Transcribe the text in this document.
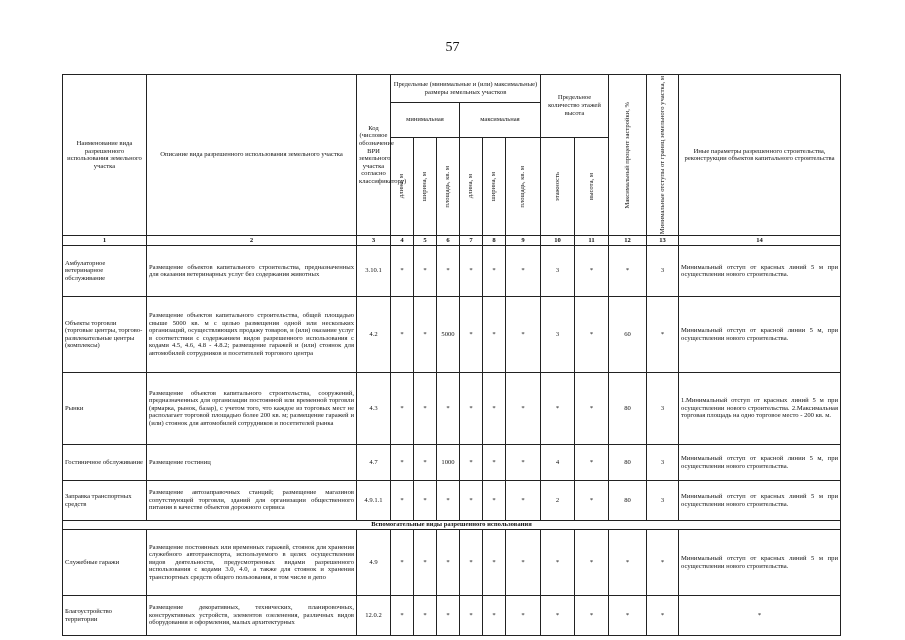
57
Наименование вида разрешенного использования земельного участка	Описание вида разрешенного использования земельного участка	Код (числовое обозначение ВРИ земельного участка согласно классификатору)	Предельные (минимальные и (или) максимальные) размеры земельных участков						Предельное количество этажей высота		Максимальный процент застройки, %	Минимальные отступы от границ земельного участка, м	Иные параметры разрешенного строительства, реконструкции объектов капитального строительства
			минимальная			максимальная							

			длина, м	ширина, м	площадь, кв. м	длина, м	ширина, м	площадь, кв. м	этажность	высота, м			

1	2	3	4	5	6	7	8	9	10	11	12	13	14
Амбулаторное ветеринарное обслуживание	Размещение объектов капитального строительства, предназначенных для оказания ветеринарных услуг без содержания животных	3.10.1	*	*	*	*	*	*	3	*	*	3	Минимальный отступ от красных линий 5 м при осуществлении нового строительства.
Объекты торговли (торговые центры, торгово-развлекательные центры (комплексы)	Размещение объектов капитального строительства, общей площадью свыше 5000 кв. м с целью размещения одной или нескольких организаций, осуществляющих продажу товаров, и (или) оказание услуг в соответствии с содержанием видов разрешенного использования с кодами 4.5, 4.6, 4.8 - 4.8.2; размещение гаражей и (или) стоянок для автомобилей сотрудников и посетителей торгового центра	4.2	*	*	5000	*	*	*	3	*	60	*	Минимальный отступ от красной линии 5 м, при осуществлении нового строительства.
Рынки	Размещение объектов капитального строительства, сооружений, предназначенных для организации постоянной или временной торговли (ярмарка, рынок, базар), с учетом того, что каждое из торговых мест не располагает торговой площадью более 200 кв. м; размещение гаражей и (или) стоянок для автомобилей сотрудников и посетителей рынка	4.3	*	*	*	*	*	*	*	*	80	3	1.Минимальный отступ от красных линий 5 м при осуществлении нового строительства. 2.Максимальная торговая площадь на одно торговое место - 200 кв. м.
Гостиничное обслуживание	Размещение гостиниц	4.7	*	*	1000	*	*	*	4	*	80	3	Минимальный отступ от красной линии 5 м, при осуществлении нового строительства.
Заправка транспортных средств	Размещение автозаправочных станций; размещение магазинов сопутствующей торговли, зданий для организации общественного питания в качестве объектов дорожного сервиса	4.9.1.1	*	*	*	*	*	*	2	*	80	3	Минимальный отступ от красных линий 5 м при осуществлении нового строительства.
Вспомогательные виды разрешенного использования													
Служебные гаражи	Размещение постоянных или временных гаражей, стоянок для хранения служебного автотранспорта, используемого в целях осуществления видов деятельности, предусмотренных видами разрешенного использования с кодами 3.0, 4.0, а также для стоянок и хранения транспортных средств общего пользования, в том числе в депо	4.9	*	*	*	*	*	*	*	*	*	*	Минимальный отступ от красных линий 5 м при осуществлении нового строительства.
Благоустройство территории	Размещение декоративных, технических, планировочных, конструктивных устройств, элементов озеленения, различных видов оборудования и оформления, малых архитектурных	12.0.2	*	*	*	*	*	*	*	*	*	*	*
